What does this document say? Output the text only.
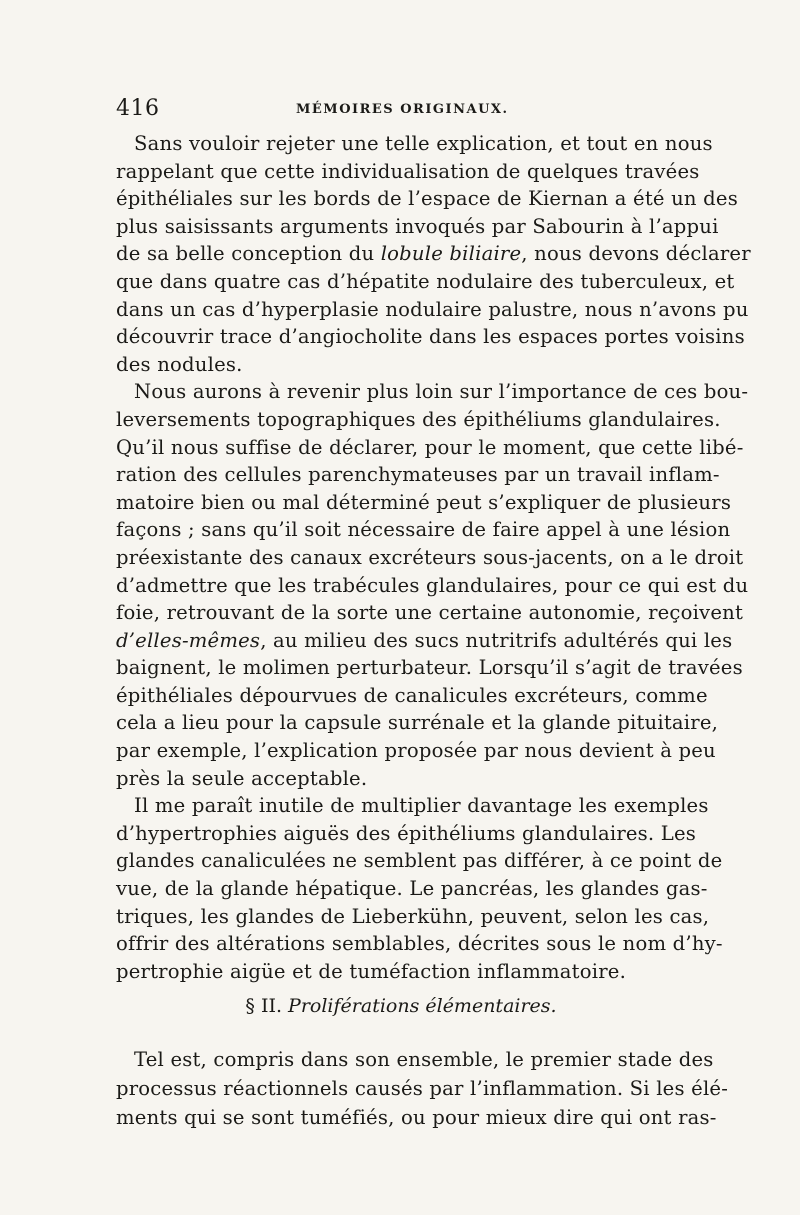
416	MÉMOIRES ORIGINAUX.
Sans vouloir rejeter une telle explication, et tout en nous
rappelant que cette individualisation de quelques travées
épithéliales sur les bords de l’espace de Kiernan a été un des
plus saisissants arguments invoqués par Sabourin à l’appui
de sa belle conception du lobule biliaire, nous devons déclarer
que dans quatre cas d’hépatite nodulaire des tuberculeux, et
dans un cas d’hyperplasie nodulaire palustre, nous n’avons pu
découvrir trace d’angiocholite dans les espaces portes voisins
des nodules.
Nous aurons à revenir plus loin sur l’importance de ces bou-
leversements topographiques des épithéliums glandulaires.
Qu’il nous suffise de déclarer, pour le moment, que cette libé-
ration des cellules parenchymateuses par un travail inflam-
matoire bien ou mal déterminé peut s’expliquer de plusieurs
façons ; sans qu’il soit nécessaire de faire appel à une lésion
préexistante des canaux excréteurs sous-jacents, on a le droit
d’admettre que les trabécules glandulaires, pour ce qui est du
foie, retrouvant de la sorte une certaine autonomie, reçoivent
d’elles-mêmes, au milieu des sucs nutritrifs adultérés qui les
baignent, le molimen perturbateur. Lorsqu’il s’agit de travées
épithéliales dépourvues de canalicules excréteurs, comme
cela a lieu pour la capsule surrénale et la glande pituitaire,
par exemple, l’explication proposée par nous devient à peu
près la seule acceptable.
Il me paraît inutile de multiplier davantage les exemples
d’hypertrophies aiguës des épithéliums glandulaires. Les
glandes canaliculées ne semblent pas différer, à ce point de
vue, de la glande hépatique. Le pancréas, les glandes gas-
triques, les glandes de Lieberkühn, peuvent, selon les cas,
offrir des altérations semblables, décrites sous le nom d’hy-
pertrophie aigüe et de tuméfaction inflammatoire.
§ II. Proliférations élémentaires.
Tel est, compris dans son ensemble, le premier stade des
processus réactionnels causés par l’inflammation. Si les élé-
ments qui se sont tuméfiés, ou pour mieux dire qui ont ras-
